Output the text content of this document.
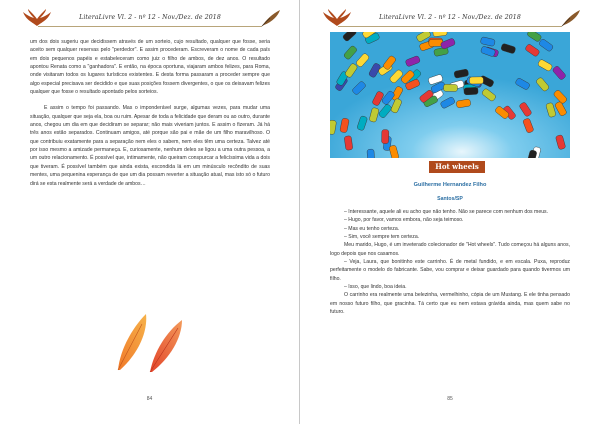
LiteraLivre Vl. 2 - nº 12 - Nov./Dez. de 2018

um dos dois sugeriu que decidissem através de um sorteio, cujo resultado, qualquer que fosse, seria aceito sem qualquer reservas pelo "perdedor". E assim procederam. Escreveram o nome de cada país em dois pequenos papéis e estabeleceram como juiz o filho de ambos, de dez anos. O resultado apontou Renata como a "ganhadora". E então, na época oportuna, viajaram ambos felizes, para Roma, onde visitaram todos os lugares turísticos existentes. E desta forma passaram a proceder sempre que algo especial precisava ser decidido e que suas posições fossem divergentes, o que os deixavam felizes qualquer que fosse o resultado apontado pelos sorteios.

E assim o tempo foi passando. Mas o imponderável surge, algumas vezes, para mudar uma situação, qualquer que seja ela, boa ou ruim. Apesar de toda a felicidade que deram ou ao outro, durante anos, chegou um dia em que decidiram se separar; não mais viveriam juntos. E assim o fizeram. Já há três anos estão separados. Continuam amigos, até porque são pai e mãe de um filho maravilhoso. O que contribuiu exatamente para a separação nem eles o sabem, nem eles têm uma certeza. Talvez até por isso mesmo a amizade permaneça. E, curiosamente, nenhum deles se ligou a uma outra pessoa, a um outro relacionamento. É possível que, intimamente, não queiram conspurcar a felicíssima vida a dois que tiveram. É possível também que ainda exista, escondida lá em um minúsculo recôndito de suas mentes, uma pequenina esperança de que um dia possam reverter a situação atual, mas isto só o futuro dirá se esta realmente será a verdade de ambos…

84
LiteraLivre Vl. 2 - nº 12 - Nov./Dez. de 2018
Hot wheels
Guilherme Hernandez Filho
Santos/SP

– Interessante, aquele ali eu acho que não tenho. Não se parece com nenhum dos meus.

– Hugo, por favor, vamos embora, não seja teimoso.

– Mas eu tenho certeza.

– Sim, você sempre tem certeza.

Meu marido, Hugo, é um inveterado colecionador de "Hot wheels". Tudo começou há alguns anos, logo depois que nos casamos.

– Veja, Laura, que bonitinho este carrinho. É de metal fundido, e em escala. Puxa, reproduz perfeitamente o modelo do fabricante. Sabe, vou comprar e deixar guardado para quando tivermos um filho.

– Isso, que lindo, boa ideia.

O carrinho era realmente uma belezinha, vermelhinho, cópia de um Mustang. E ele tinha pensado em nosso futuro filho, que gracinha. Tá certo que eu nem estava grávida ainda, mas quem sabe no futuro.

85
